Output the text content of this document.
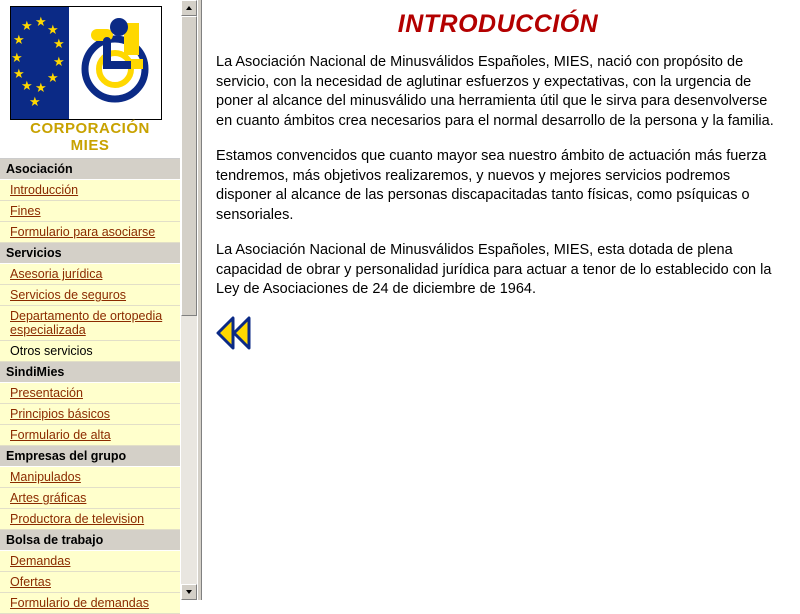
★
★
★
★
★
★
★
★
★
★
★
★
CORPORACIÓN
MIES
Asociación
Introducción
Fines
Formulario para asociarse
Servicios
Asesoria jurídica
Servicios de seguros
Departamento de ortopedia especializada
Otros servicios
SindiMies
Presentación
Principios básicos
Formulario de alta
Empresas del grupo
Manipulados
Artes gráficas
Productora de television
Bolsa de trabajo
Demandas
Ofertas
Formulario de demandas
INTRODUCCIÓN

La Asociación Nacional de Minusválidos Españoles, MIES, nació con propósito de servicio, con la necesidad de aglutinar esfuerzos y expectativas, con la urgencia de poner al alcance del minusválido una herramienta útil que le sirva para desenvolverse en cuanto ámbitos crea necesarios para el normal desarrollo de la persona y la familia.

Estamos convencidos que cuanto mayor sea nuestro ámbito de actuación más fuerza tendremos, más objetivos realizaremos, y nuevos y mejores servicios podremos disponer al alcance de las personas discapacitadas tanto físicas, como psíquicas o sensoriales.

La Asociación Nacional de Minusválidos Españoles, MIES, esta dotada de plena capacidad de obrar y personalidad jurídica para actuar a tenor de lo establecido con la Ley de Asociaciones de 24 de diciembre de 1964.
